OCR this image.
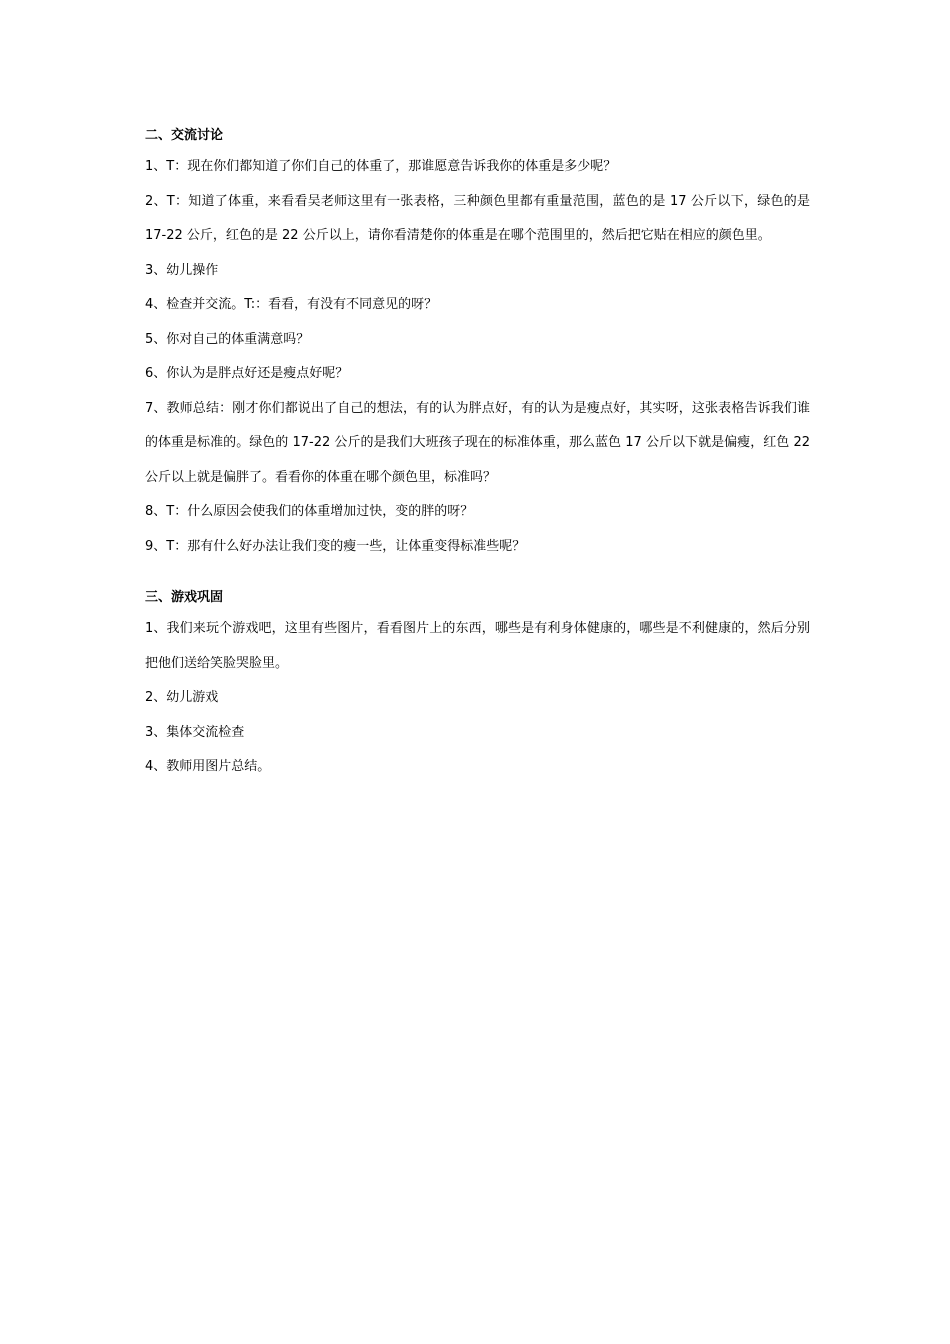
二、交流讨论

1、T：现在你们都知道了你们自己的体重了，那谁愿意告诉我你的体重是多少呢？

2、T：知道了体重，来看看吴老师这里有一张表格，三种颜色里都有重量范围，蓝色的是 17 公斤以下，绿色的是 17-22 公斤，红色的是 22 公斤以上，请你看清楚你的体重是在哪个范围里的，然后把它贴在相应的颜色里。

3、幼儿操作

4、检查并交流。T:：看看，有没有不同意见的呀？

5、你对自己的体重满意吗？

6、你认为是胖点好还是瘦点好呢？

7、教师总结：刚才你们都说出了自己的想法，有的认为胖点好，有的认为是瘦点好，其实呀，这张表格告诉我们谁的体重是标准的。绿色的 17-22 公斤的是我们大班孩子现在的标准体重，那么蓝色 17 公斤以下就是偏瘦，红色 22 公斤以上就是偏胖了。看看你的体重在哪个颜色里，标准吗？

8、T：什么原因会使我们的体重增加过快，变的胖的呀？

9、T：那有什么好办法让我们变的瘦一些，让体重变得标准些呢？

三、游戏巩固

1、我们来玩个游戏吧，这里有些图片，看看图片上的东西，哪些是有利身体健康的，哪些是不利健康的，然后分别把他们送给笑脸哭脸里。

2、幼儿游戏

3、集体交流检查

4、教师用图片总结。
